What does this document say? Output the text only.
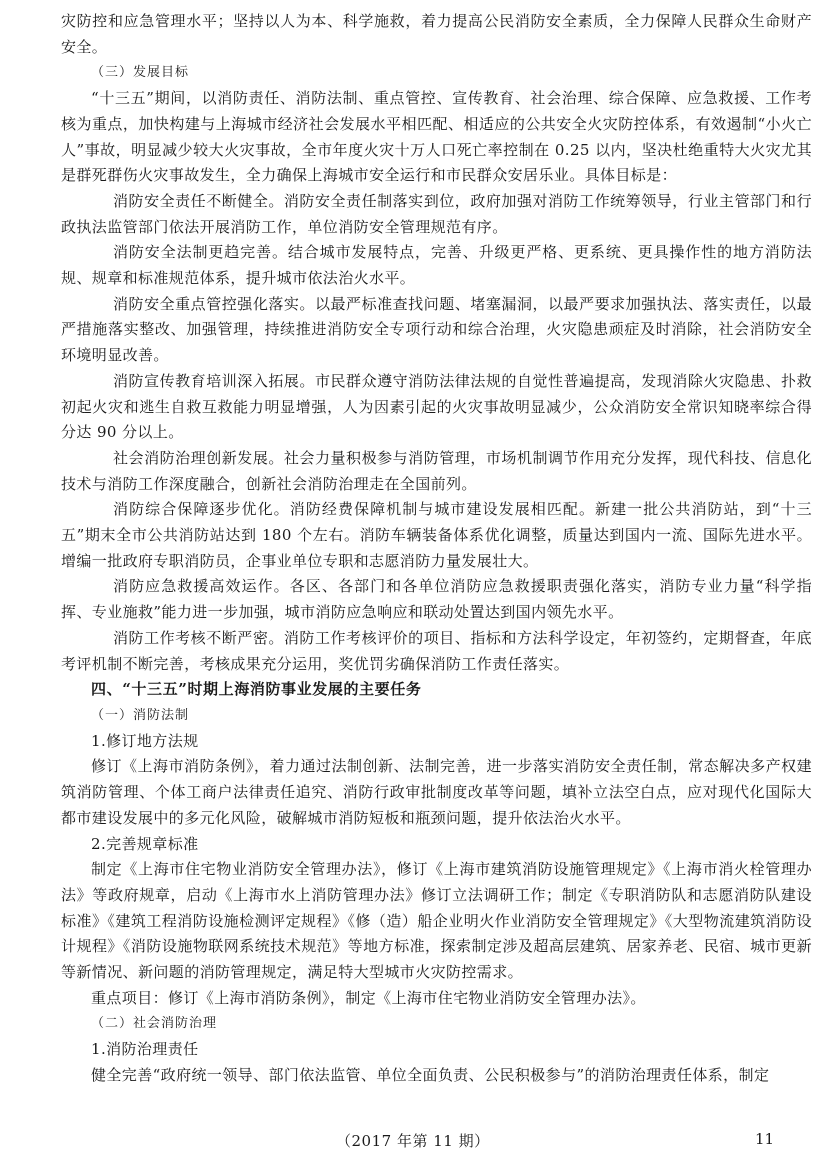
灾防控和应急管理水平；坚持以人为本、科学施救，着力提高公民消防安全素质，全力保障人民群众生命财产安全。

（三）发展目标

“十三五”期间，以消防责任、消防法制、重点管控、宣传教育、社会治理、综合保障、应急救援、工作考核为重点，加快构建与上海城市经济社会发展水平相匹配、相适应的公共安全火灾防控体系，有效遏制“小火亡人”事故，明显减少较大火灾事故，全市年度火灾十万人口死亡率控制在 0.25 以内，坚决杜绝重特大火灾尤其是群死群伤火灾事故发生，全力确保上海城市安全运行和市民群众安居乐业。具体目标是：

消防安全责任不断健全。消防安全责任制落实到位，政府加强对消防工作统筹领导，行业主管部门和行政执法监管部门依法开展消防工作，单位消防安全管理规范有序。

消防安全法制更趋完善。结合城市发展特点，完善、升级更严格、更系统、更具操作性的地方消防法规、规章和标准规范体系，提升城市依法治火水平。

消防安全重点管控强化落实。以最严标准查找问题、堵塞漏洞，以最严要求加强执法、落实责任，以最严措施落实整改、加强管理，持续推进消防安全专项行动和综合治理，火灾隐患顽症及时消除，社会消防安全环境明显改善。

消防宣传教育培训深入拓展。市民群众遵守消防法律法规的自觉性普遍提高，发现消除火灾隐患、扑救初起火灾和逃生自救互救能力明显增强，人为因素引起的火灾事故明显减少，公众消防安全常识知晓率综合得分达 90 分以上。

社会消防治理创新发展。社会力量积极参与消防管理，市场机制调节作用充分发挥，现代科技、信息化技术与消防工作深度融合，创新社会消防治理走在全国前列。

消防综合保障逐步优化。消防经费保障机制与城市建设发展相匹配。新建一批公共消防站，到“十三五”期末全市公共消防站达到 180 个左右。消防车辆装备体系优化调整，质量达到国内一流、国际先进水平。增编一批政府专职消防员，企事业单位专职和志愿消防力量发展壮大。

消防应急救援高效运作。各区、各部门和各单位消防应急救援职责强化落实，消防专业力量“科学指挥、专业施救”能力进一步加强，城市消防应急响应和联动处置达到国内领先水平。

消防工作考核不断严密。消防工作考核评价的项目、指标和方法科学设定，年初签约，定期督查，年底考评机制不断完善，考核成果充分运用，奖优罚劣确保消防工作责任落实。

四、“十三五”时期上海消防事业发展的主要任务

（一）消防法制

1.修订地方法规

修订《上海市消防条例》，着力通过法制创新、法制完善，进一步落实消防安全责任制，常态解决多产权建筑消防管理、个体工商户法律责任追究、消防行政审批制度改革等问题，填补立法空白点，应对现代化国际大都市建设发展中的多元化风险，破解城市消防短板和瓶颈问题，提升依法治火水平。

2.完善规章标准

制定《上海市住宅物业消防安全管理办法》，修订《上海市建筑消防设施管理规定》《上海市消火栓管理办法》等政府规章，启动《上海市水上消防管理办法》修订立法调研工作；制定《专职消防队和志愿消防队建设标准》《建筑工程消防设施检测评定规程》《修（造）船企业明火作业消防安全管理规定》《大型物流建筑消防设计规程》《消防设施物联网系统技术规范》等地方标准，探索制定涉及超高层建筑、居家养老、民宿、城市更新等新情况、新问题的消防管理规定，满足特大型城市火灾防控需求。

重点项目：修订《上海市消防条例》，制定《上海市住宅物业消防安全管理办法》。

（二）社会消防治理

1.消防治理责任

健全完善“政府统一领导、部门依法监管、单位全面负责、公民积极参与”的消防治理责任体系，制定

（2017 年第 11 期）	11
